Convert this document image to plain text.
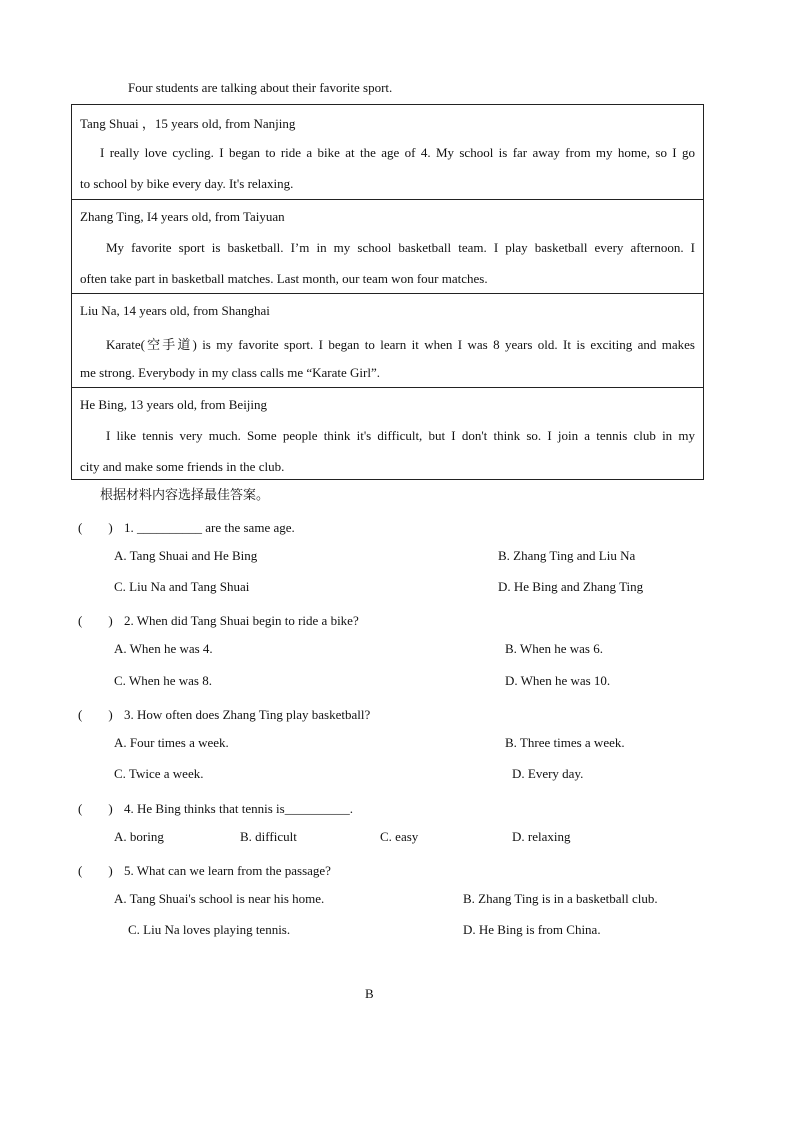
Four students are talking about their favorite sport.
Tang Shuai ，15 years old, from Nanjing
I really love cycling. I began to ride a bike at the age of 4. My school is far away from my home, so I go
to school by bike every day. It's relaxing.
Zhang Ting, I4 years old, from Taiyuan
My favorite sport is basketball. I’m in my school basketball team. I play basketball every afternoon. I
often take part in basketball matches. Last month, our team won four matches.
Liu Na, 14 years old, from Shanghai
Karate(空手道) is my favorite sport. I began to learn it when I was 8 years old. It is exciting and makes
me strong. Everybody in my class calls me “Karate Girl”.
He Bing, 13 years old, from Beijing
I like tennis very much. Some people think it's difficult, but I don't think so. I join a tennis club in my
city and make some friends in the club.
根据材料内容选择最佳答案。
(　　) 1. __________ are the same age.
A. Tang Shuai and He Bing	B. Zhang Ting and Liu Na
C. Liu Na and Tang Shuai	D. He Bing and Zhang Ting
(　　) 2. When did Tang Shuai begin to ride a bike?
A. When he was 4.	B. When he was 6.
C. When he was 8.	D. When he was 10.
(　　) 3. How often does Zhang Ting play basketball?
A. Four times a week.	B. Three times a week.
C. Twice a week.	D. Every day.
(　　) 4. He Bing thinks that tennis is__________.
A. boring	B. difficult	C. easy	D. relaxing
(　　) 5. What can we learn from the passage?
A. Tang Shuai's school is near his home.	B. Zhang Ting is in a basketball club.
C. Liu Na loves playing tennis.	D. He Bing is from China.
B
